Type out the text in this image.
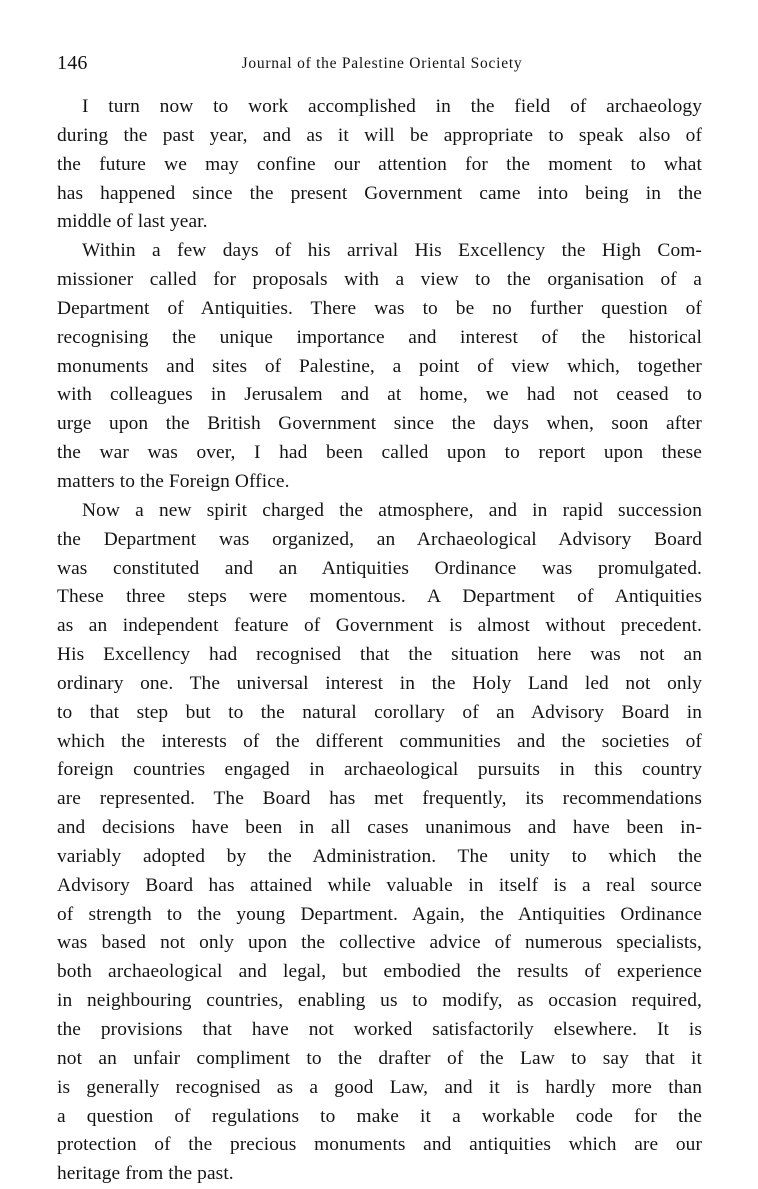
146	Journal of the Palestine Oriental Society

I turn now to work accomplished in the field of archaeology
during the past year, and as it will be appropriate to speak also of
the future we may confine our attention for the moment to what
has happened since the present Government came into being in the
middle of last year.

Within a few days of his arrival His Excellency the High Com-
missioner called for proposals with a view to the organisation of a
Department of Antiquities. There was to be no further question of
recognising the unique importance and interest of the historical
monuments and sites of Palestine, a point of view which, together
with colleagues in Jerusalem and at home, we had not ceased to
urge upon the British Government since the days when, soon after
the war was over, I had been called upon to report upon these
matters to the Foreign Office.

Now a new spirit charged the atmosphere, and in rapid succession
the Department was organized, an Archaeological Advisory Board
was constituted and an Antiquities Ordinance was promulgated.
These three steps were momentous. A Department of Antiquities
as an independent feature of Government is almost without precedent.
His Excellency had recognised that the situation here was not an
ordinary one. The universal interest in the Holy Land led not only
to that step but to the natural corollary of an Advisory Board in
which the interests of the different communities and the societies of
foreign countries engaged in archaeological pursuits in this country
are represented. The Board has met frequently, its recommendations
and decisions have been in all cases unanimous and have been in-
variably adopted by the Administration. The unity to which the
Advisory Board has attained while valuable in itself is a real source
of strength to the young Department. Again, the Antiquities Ordinance
was based not only upon the collective advice of numerous specialists,
both archaeological and legal, but embodied the results of experience
in neighbouring countries, enabling us to modify, as occasion required,
the provisions that have not worked satisfactorily elsewhere. It is
not an unfair compliment to the drafter of the Law to say that it
is generally recognised as a good Law, and it is hardly more than
a question of regulations to make it a workable code for the
protection of the precious monuments and antiquities which are our
heritage from the past.
